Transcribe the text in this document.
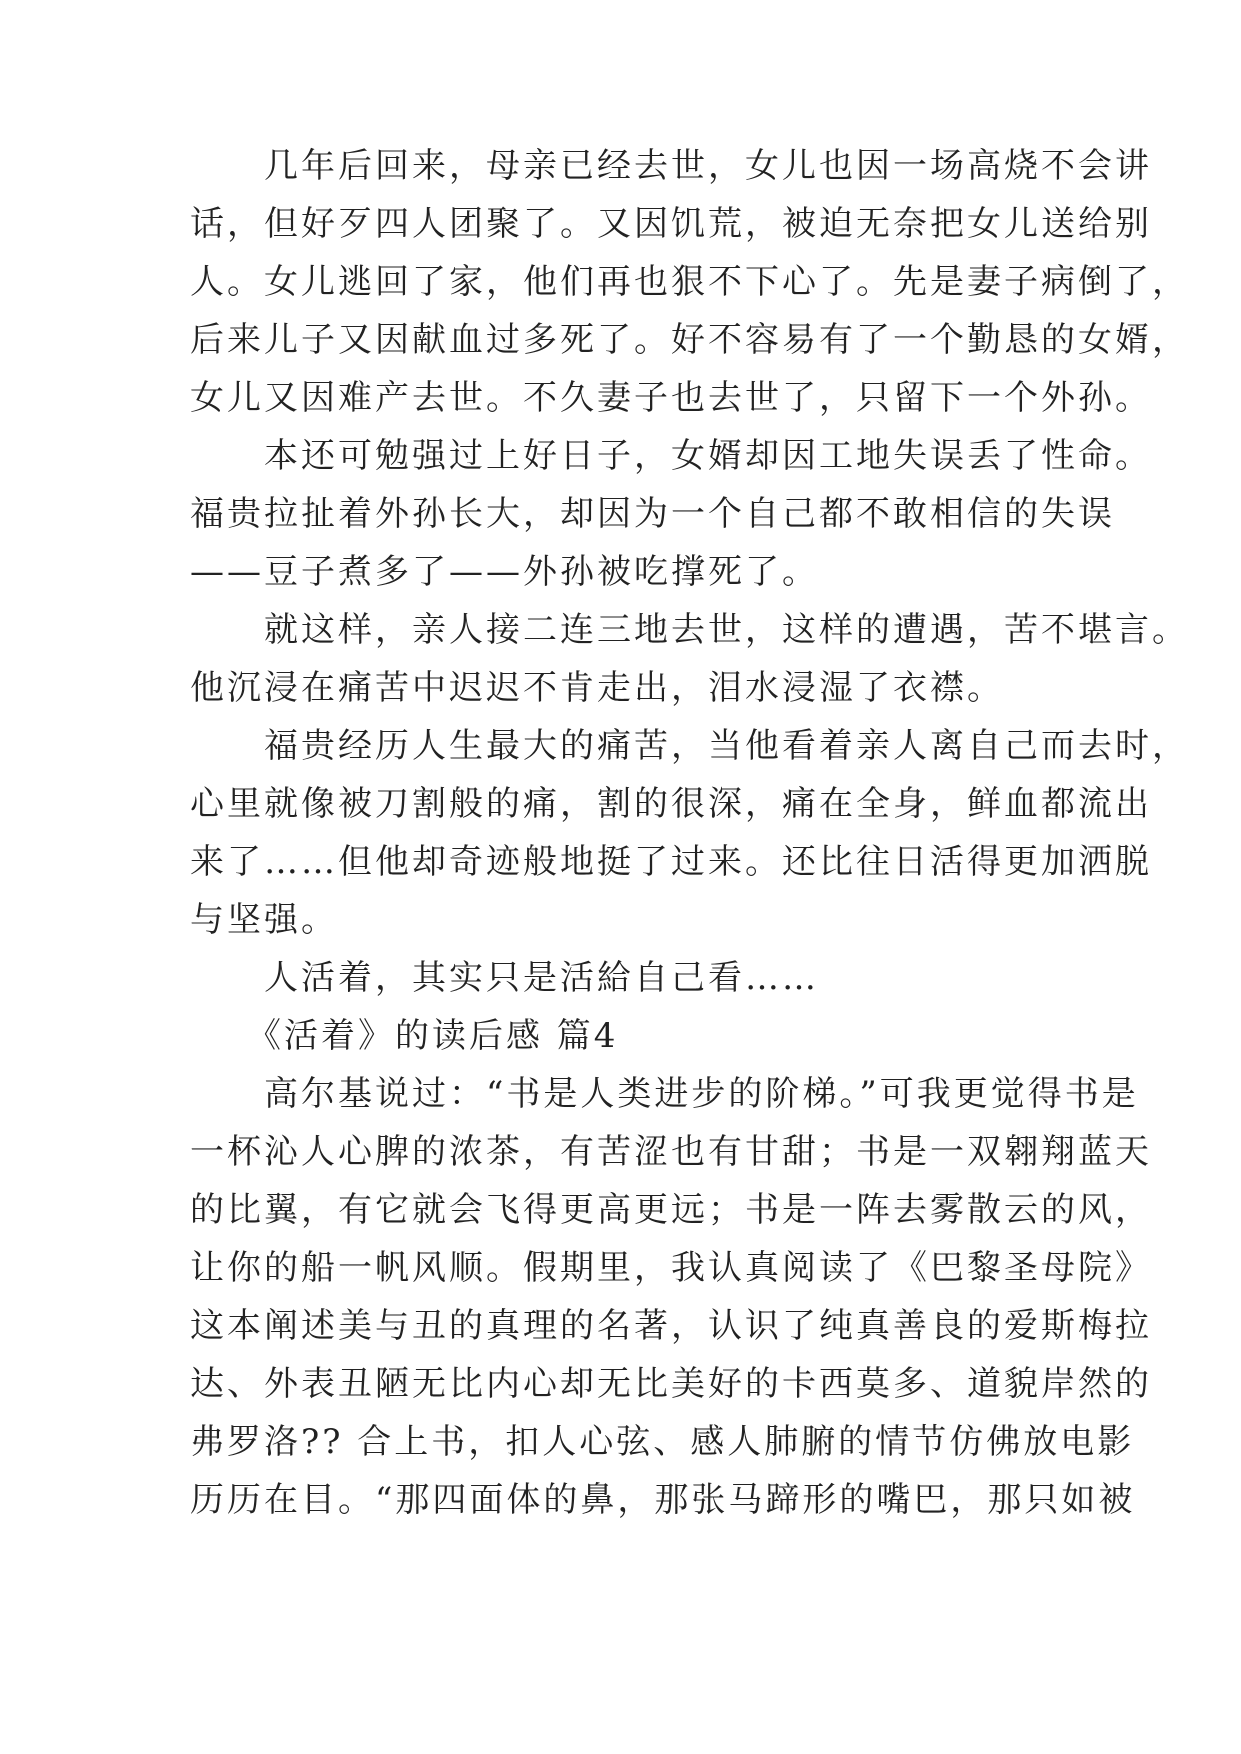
　　几年后回来，母亲已经去世，女儿也因一场高烧不会讲
话，但好歹四人团聚了。又因饥荒，被迫无奈把女儿送给别
人。女儿逃回了家，他们再也狠不下心了。先是妻子病倒了，
后来儿子又因献血过多死了。好不容易有了一个勤恳的女婿，
女儿又因难产去世。不久妻子也去世了，只留下一个外孙。
　　本还可勉强过上好日子，女婿却因工地失误丢了性命。
福贵拉扯着外孙长大，却因为一个自己都不敢相信的失误
——豆子煮多了——外孙被吃撑死了。
　　就这样，亲人接二连三地去世，这样的遭遇，苦不堪言。
他沉浸在痛苦中迟迟不肯走出，泪水浸湿了衣襟。
　　福贵经历人生最大的痛苦，当他看着亲人离自己而去时，
心里就像被刀割般的痛，割的很深，痛在全身，鲜血都流出
来了……但他却奇迹般地挺了过来。还比往日活得更加洒脱
与坚强。
　　人活着，其实只是活給自己看……
　　《活着》的读后感 篇4
　　高尔基说过：“书是人类进步的阶梯。”可我更觉得书是
一杯沁人心脾的浓茶，有苦涩也有甘甜；书是一双翱翔蓝天
的比翼，有它就会飞得更高更远；书是一阵去雾散云的风，
让你的船一帆风顺。假期里，我认真阅读了《巴黎圣母院》
这本阐述美与丑的真理的名著，认识了纯真善良的爱斯梅拉
达、外表丑陋无比内心却无比美好的卡西莫多、道貌岸然的
弗罗洛?? 合上书，扣人心弦、感人肺腑的情节仿佛放电影
历历在目。“那四面体的鼻，那张马蹄形的嘴巴，那只如被
